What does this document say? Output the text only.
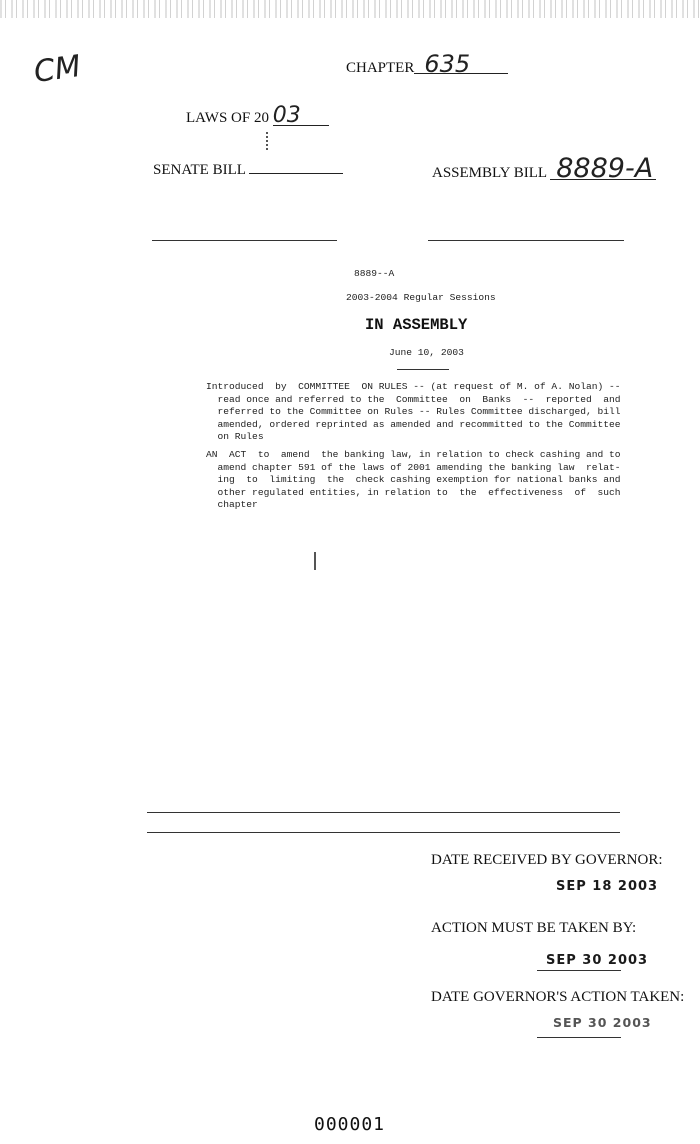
CM	CHAPTER 635
LAWS OF 20 03
SENATE BILL	ASSEMBLY BILL 8889-A
8889--A
2003-2004 Regular Sessions
IN ASSEMBLY
June 10, 2003
Introduced  by  COMMITTEE  ON RULES -- (at request of M. of A. Nolan) --
read once and referred to the  Committee  on  Banks  --  reported  and
referred to the Committee on Rules -- Rules Committee discharged, bill
amended, ordered reprinted as amended and recommitted to the Committee
on Rules
AN  ACT  to  amend  the banking law, in relation to check cashing and to
amend chapter 591 of the laws of 2001 amending the banking law  relat-
ing  to  limiting  the  check cashing exemption for national banks and
other regulated entities, in relation to  the  effectiveness  of  such
chapter
DATE RECEIVED BY GOVERNOR:
SEP 18 2003
ACTION MUST BE TAKEN BY:
SEP 30 2003
DATE GOVERNOR'S ACTION TAKEN:
SEP 30 2003
000001
